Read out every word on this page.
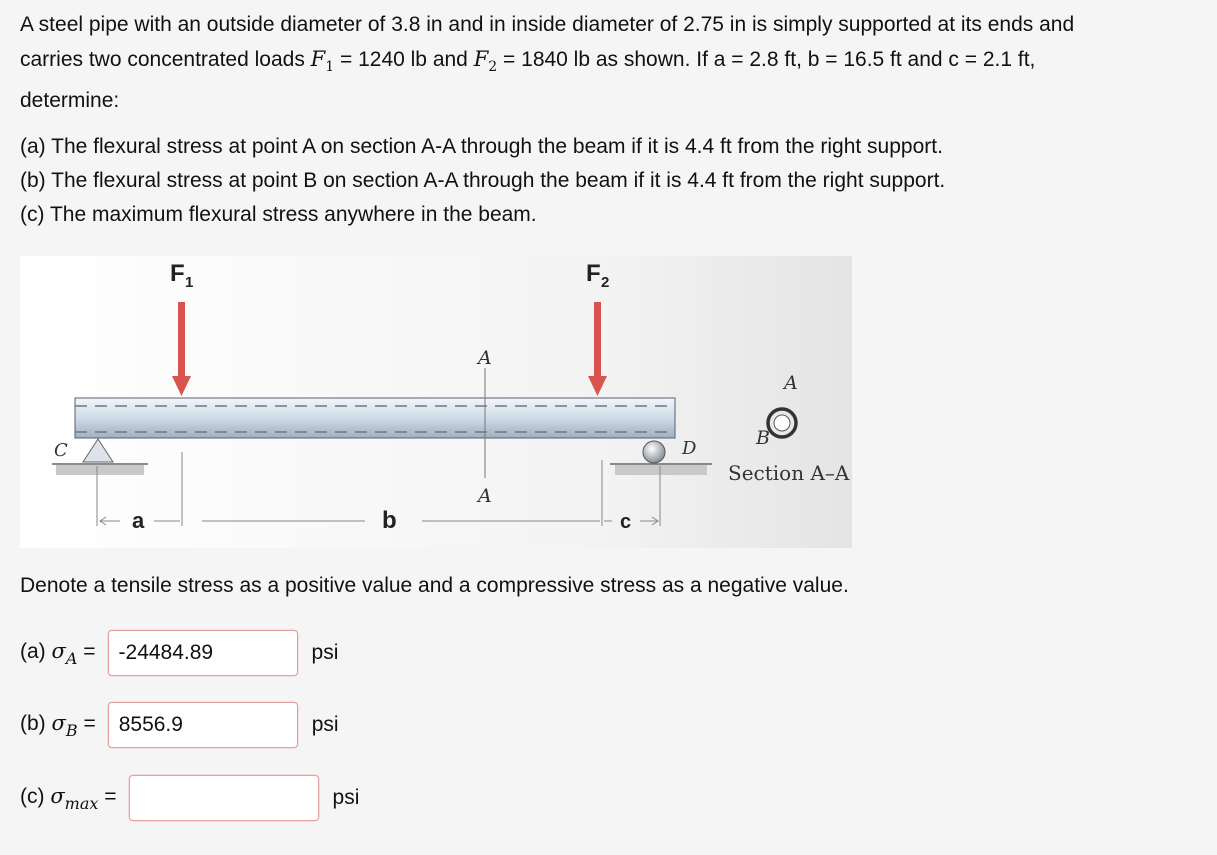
A steel pipe with an outside diameter of 3.8 in and in inside diameter of 2.75 in is simply supported at its ends and

carries two concentrated loads $F_1 = 1240$ lb and $F_2 = 1840$ lb as shown. If a = 2.8 ft, b = 16.5 ft and c = 2.1 ft,

determine:

(a) The flexural stress at point A on section A-A through the beam if it is 4.4 ft from the right support.
(b) The flexural stress at point B on section A-A through the beam if it is 4.4 ft from the right support.
(c) The maximum flexural stress anywhere in the beam.
F 1	F 2
A
A
C	D
a	b	c
A
B
Section A–A
Denote a tensile stress as a positive value and a compressive stress as a negative value.
(a) $\sigma_A$ =
-24484.89	psi
(b) $\sigma_B$ =
8556.9	psi
(c) $\sigma_{max}$ =	psi
